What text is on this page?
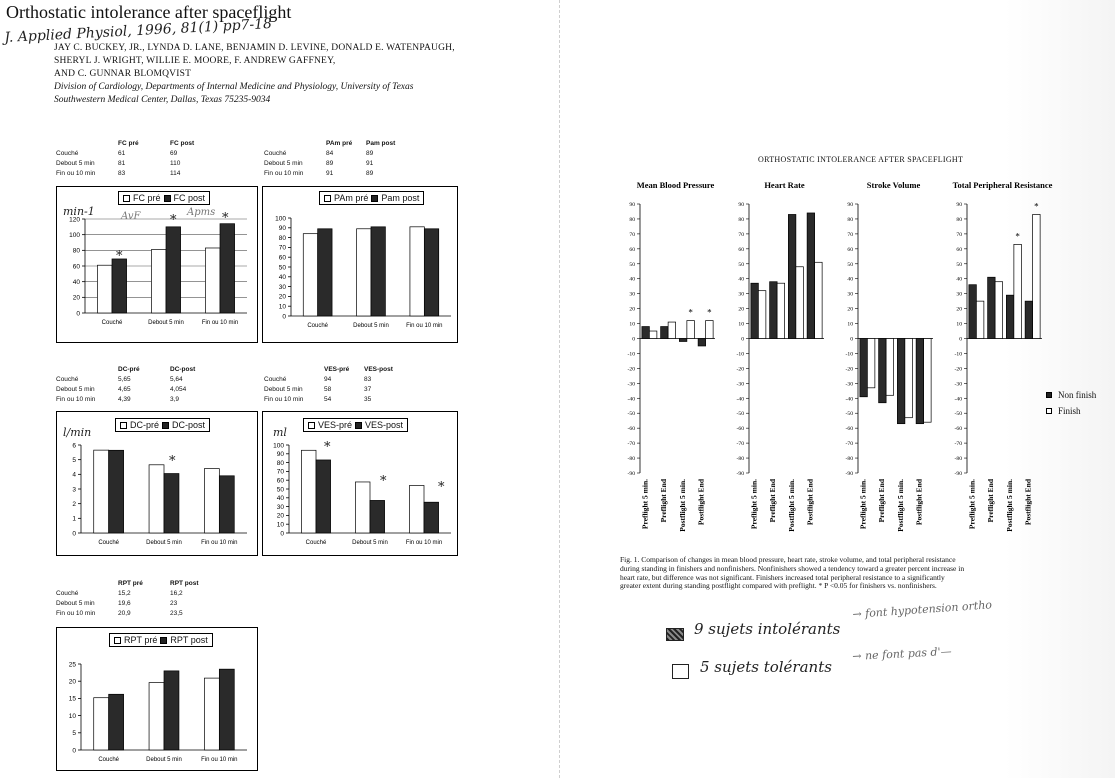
Orthostatic intolerance after spaceflight
J. Applied Physiol, 1996, 81(1) pp7-18
JAY C. BUCKEY, JR., LYNDA D. LANE, BENJAMIN D. LEVINE, DONALD E. WATENPAUGH,
SHERYL J. WRIGHT, WILLIE E. MOORE, F. ANDREW GAFFNEY,
AND C. GUNNAR BLOMQVIST
Division of Cardiology, Departments of Internal Medicine and Physiology, University of Texas
Southwestern Medical Center, Dallas, Texas 75235-9034
	FC pré	FC post
Couché	61	69
Debout 5 min	81	110
Fin ou 10 min	83	114
	PAm pré	Pam post
Couché	84	89
Debout 5 min	89	91
Fin ou 10 min	91	89
	DC-pré	DC-post
Couché	5,65	5,64
Debout 5 min	4,65	4,054
Fin ou 10 min	4,39	3,9
	VES-pré	VES-post
Couché	94	83
Debout 5 min	58	37
Fin ou 10 min	54	35
	RPT pré	RPT post
Couché	15,2	16,2
Debout 5 min	19,6	23
Fin ou 10 min	20,9	23,5
FC pré FC post
0
20
40
60
80
100
120
Couché	Debout 5 min	Fin ou 10 min
min-1	AvF	Apms
*
*	*
PAm pré Pam post
0
10
20
30
40
50
60
70
80
90
100
Couché	Debout 5 min	Fin ou 10 min
DC-pré DC-post
0
1
2
3
4
5
6
Couché	Debout 5 min	Fin ou 10 min
l/min
*
VES-pré VES-post
0
10
20
30
40
50
60
70
80
90
100
Couché	Debout 5 min	Fin ou 10 min
ml
*
*	*
RPT pré RPT post
0
5
10
15
20
25
Couché	Debout 5 min	Fin ou 10 min
ORTHOSTATIC INTOLERANCE AFTER SPACEFLIGHT
Mean Blood Pressure
90
80
70
60
50
40
30
20
10
0
-10
-20
-30
-40
-50
-60
-70
-80
-90
Preflight 5 min. Preflight End
*
Postflight 5 min.
*
Postflight End
Heart Rate
90
80
70
60
50
40
30
20
10
0
-10
-20
-30
-40
-50
-60
-70
-80
-90
Preflight 5 min. Preflight End Postflight 5 min. Postflight End
Stroke Volume
90
80
70
60
50
40
30
20
10
0
-10
-20
-30
-40
-50
-60
-70
-80
-90
Preflight 5 min. Preflight End Postflight 5 min. Postflight End
Total Peripheral Resistance
90
80
70
60
50
40
30
20
10
0
-10
-20
-30
-40
-50
-60
-70
-80
-90
Preflight 5 min. Preflight End
*
Postflight 5 min.
*
Postflight End
Non finish
Finish
Fig. 1. Comparison of changes in mean blood pressure, heart rate, stroke volume, and total peripheral resistance
during standing in finishers and nonfinishers. Nonfinishers showed a tendency toward a greater percent increase in
heart rate, but difference was not significant. Finishers increased total peripheral resistance to a significantly
greater extent during standing postflight compared with preflight. * P <0.05 for finishers vs. nonfinishers.
9 sujets intolérants
→ font hypotension ortho
5 sujets tolérants
→ ne font pas d'—
